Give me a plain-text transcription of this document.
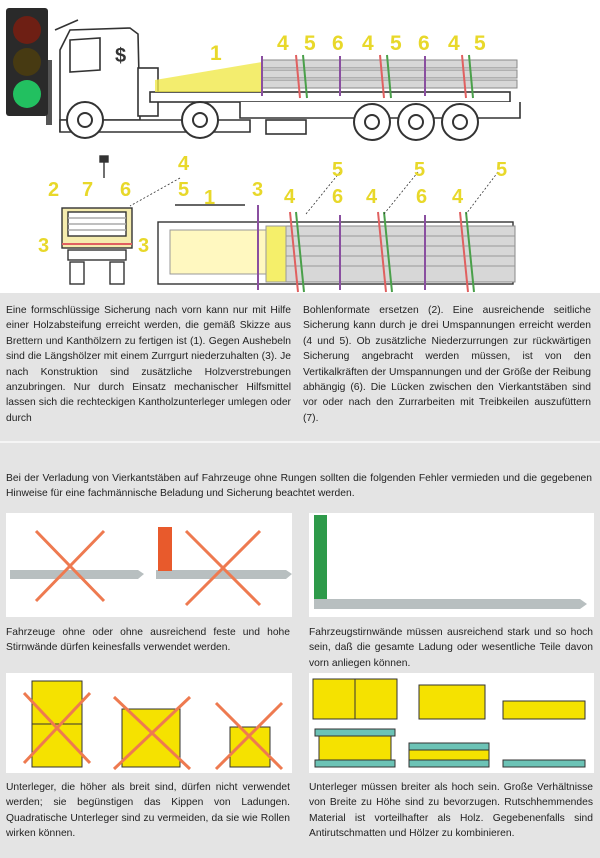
$	1	4 5 6 4 5 6 4 5
2 7 6
4
5 1 3 4
5
6 4
5
6 4
5
3	3
Eine formschlüssige Sicherung nach vorn kann nur mit Hilfe einer Holzabsteifung erreicht werden, die gemäß Skizze aus Brettern und Kanthölzern zu fertigen ist (1). Gegen Aushebeln sind die Längshölzer mit einem Zurrgurt niederzuhalten (3). Je nach Konstruktion sind zusätzliche Holzverstrebungen anzubringen. Nur durch Einsatz mechanischer Hilfsmittel lassen sich die rechteckigen Kantholzunterleger umlegen oder durch
Bohlenformate ersetzen (2). Eine ausreichende seitliche Sicherung kann durch je drei Umspannungen erreicht werden (4 und 5). Ob zusätzliche Niederzurrungen zur rückwärtigen Sicherung angebracht werden müssen, ist von den Vertikalkräften der Umspannungen und der Größe der Reibung abhängig (6). Die Lücken zwischen den Vierkantstäben sind vor oder nach den Zurrarbeiten mit Treibkeilen auszufüttern (7).
Bei der Verladung von Vierkantstäben auf Fahrzeuge ohne Rungen sollten die folgenden Fehler vermieden und die gegebenen Hinweise für eine fachmännische Beladung und Sicherung beachtet werden.
Fahrzeuge ohne oder ohne ausreichend feste und hohe Stirnwände dürfen keinesfalls verwendet werden.
Fahrzeugstirnwände müssen ausreichend stark und so hoch sein, daß die gesamte Ladung oder wesentliche Teile davon vorn anliegen können.
Unterleger, die höher als breit sind, dürfen nicht verwendet werden; sie begünstigen das Kippen von Ladungen. Quadratische Unterleger sind zu vermeiden, da sie wie Rollen wirken können.
Unterleger müssen breiter als hoch sein. Große Verhältnisse von Breite zu Höhe sind zu bevorzugen. Rutschhemmendes Material ist vorteilhafter als Holz. Gegebenenfalls sind Antirutschmatten und Hölzer zu kombinieren.
